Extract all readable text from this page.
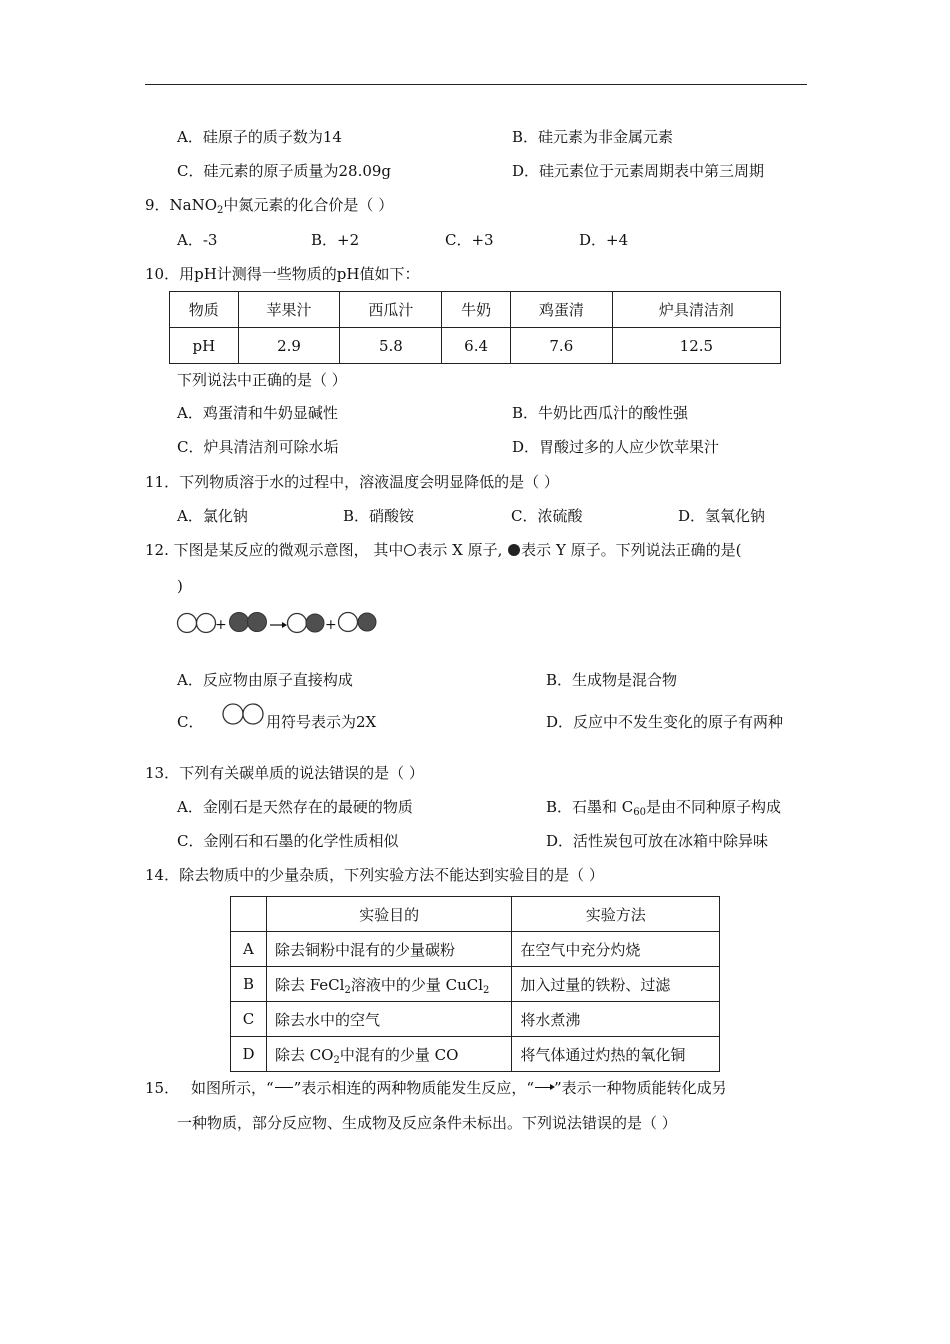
A．硅原子的质子数为14	B．硅元素为非金属元素
C．硅元素的原子质量为28.09g	D．硅元素位于元素周期表中第三周期
9．NaNO$_2$中氮元素的化合价是（ ）
A．-3	B．+2	C．+3	D．+4
10．用pH计测得一些物质的pH值如下：
物质	苹果汁	西瓜汁	牛奶	鸡蛋清	炉具清洁剂
pH	2.9	5.8	6.4	7.6	12.5
下列说法中正确的是（ ）
A．鸡蛋清和牛奶显碱性	B．牛奶比西瓜汁的酸性强
C．炉具清洁剂可除水垢	D．胃酸过多的人应少饮苹果汁
11．下列物质溶于水的过程中，溶液温度会明显降低的是（ ）
A．氯化钠	B．硝酸铵	C．浓硫酸	D．氢氧化钠
12. 下图是某反应的微观示意图， 其中 表示 X 原子, 表示 Y 原子。下列说法正确的是(
)
+	+
A．反应物由原子直接构成	B．生成物是混合物
C．	用符号表示为2X	D．反应中不发生变化的原子有两种
13．下列有关碳单质的说法错误的是（ ）
A．金刚石是天然存在的最硬的物质	B．石墨和 $C_{60}$是由不同种原子构成
C．金刚石和石墨的化学性质相似	D．活性炭包可放在冰箱中除异味
14．除去物质中的少量杂质，下列实验方法不能达到实验目的是（ ）
	实验目的	实验方法
A	除去铜粉中混有的少量碳粉	在空气中充分灼烧
B	除去 FeCl$_2$溶液中的少量 CuCl$_2$	加入过量的铁粉、过滤
C	除去水中的空气	将水煮沸
D	除去 $CO_2$中混有的少量 CO	将气体通过灼热的氧化铜
15． 如图所示，“ ”表示相连的两种物质能发生反应，“ ”表示一种物质能转化成另
一种物质，部分反应物、生成物及反应条件未标出。下列说法错误的是（ ）
